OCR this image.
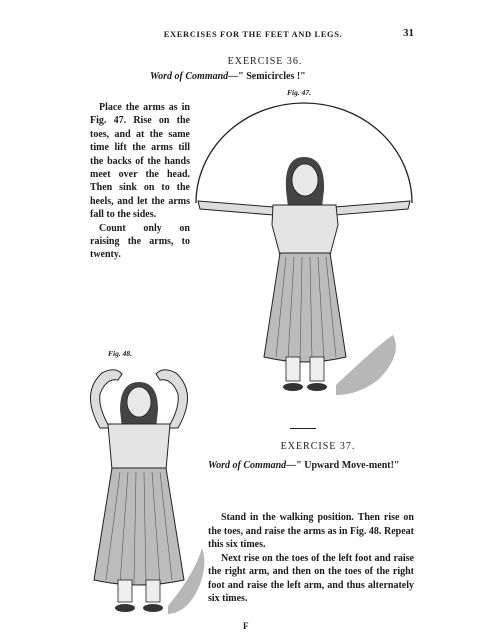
EXERCISES FOR THE FEET AND LEGS.	31
EXERCISE 36.
Word of Command—" Semicircles !"
Fig. 47.

Place the arms as in Fig. 47. Rise on the toes, and at the same time lift the arms till the backs of the hands meet over the head. Then sink on to the heels, and let the arms fall to the sides.

Count only on raising the arms, to twenty.

Fig. 48.
EXERCISE 37.
Word of Command—" Upward Move-ment!"

Stand in the walking position. Then rise on the toes, and raise the arms as in Fig. 48. Repeat this six times.

Next rise on the toes of the left foot and raise the right arm, and then on the toes of the right foot and raise the left arm, and thus alternately six times.

F
